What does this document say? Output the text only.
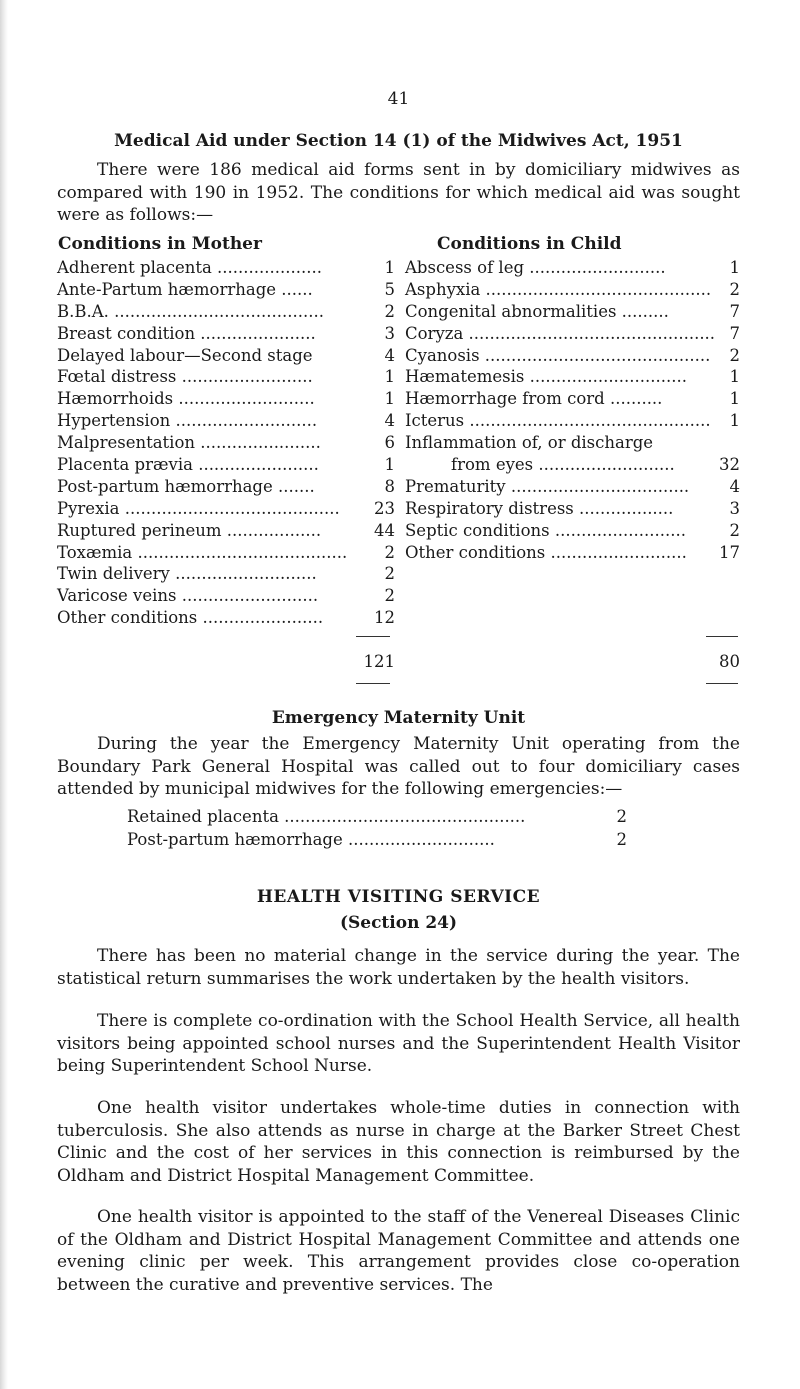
41
Medical Aid under Section 14 (1) of the Midwives Act, 1951
There were 186 medical aid forms sent in by domiciliary midwives as compared with 190 in 1952. The conditions for which medical aid was sought were as follows:—
Conditions in Mother	Conditions in Child
Adherent placenta ....................	1
Ante-Partum hæmorrhage ......	5
B.B.A. ........................................	2
Breast condition ......................	3
Delayed labour—Second stage	4
Fœtal distress .........................	1
Hæmorrhoids ..........................	1
Hypertension ...........................	4
Malpresentation .......................	6
Placenta prævia .......................	1
Post-partum hæmorrhage .......	8
Pyrexia ......................................... 23
Ruptured perineum ..................	44
Toxæmia ........................................ 2
Twin delivery ...........................	2
Varicose veins ..........................	2
Other conditions .......................	12
Abscess of leg ..........................	1
Asphyxia ........................................... 2
Congenital abnormalities .........	7
Coryza ............................................... 7
Cyanosis ........................................... 2
Hæmatemesis ..............................	1
Hæmorrhage from cord ..........	1
Icterus .............................................. 1
Inflammation of, or discharge
from eyes ..........................	32
Prematurity .................................. 4
Respiratory distress ..................	3
Septic conditions .........................	2
Other conditions .......................... 17
121	80
Emergency Maternity Unit
During the year the Emergency Maternity Unit operating from the Boundary Park General Hospital was called out to four domiciliary cases attended by municipal midwives for the following emergencies:—
Retained placenta ..............................................	2
Post-partum hæmorrhage ............................	2
HEALTH VISITING SERVICE
(Section 24)
There has been no material change in the service during the year. The statistical return summarises the work undertaken by the health visitors.
There is complete co-ordination with the School Health Service, all health visitors being appointed school nurses and the Superintendent Health Visitor being Superintendent School Nurse.
One health visitor undertakes whole-time duties in connection with tuberculosis. She also attends as nurse in charge at the Barker Street Chest Clinic and the cost of her services in this connection is reimbursed by the Oldham and District Hospital Management Committee.
One health visitor is appointed to the staff of the Venereal Diseases Clinic of the Oldham and District Hospital Management Committee and attends one evening clinic per week. This arrangement provides close co-operation between the curative and preventive services. The
